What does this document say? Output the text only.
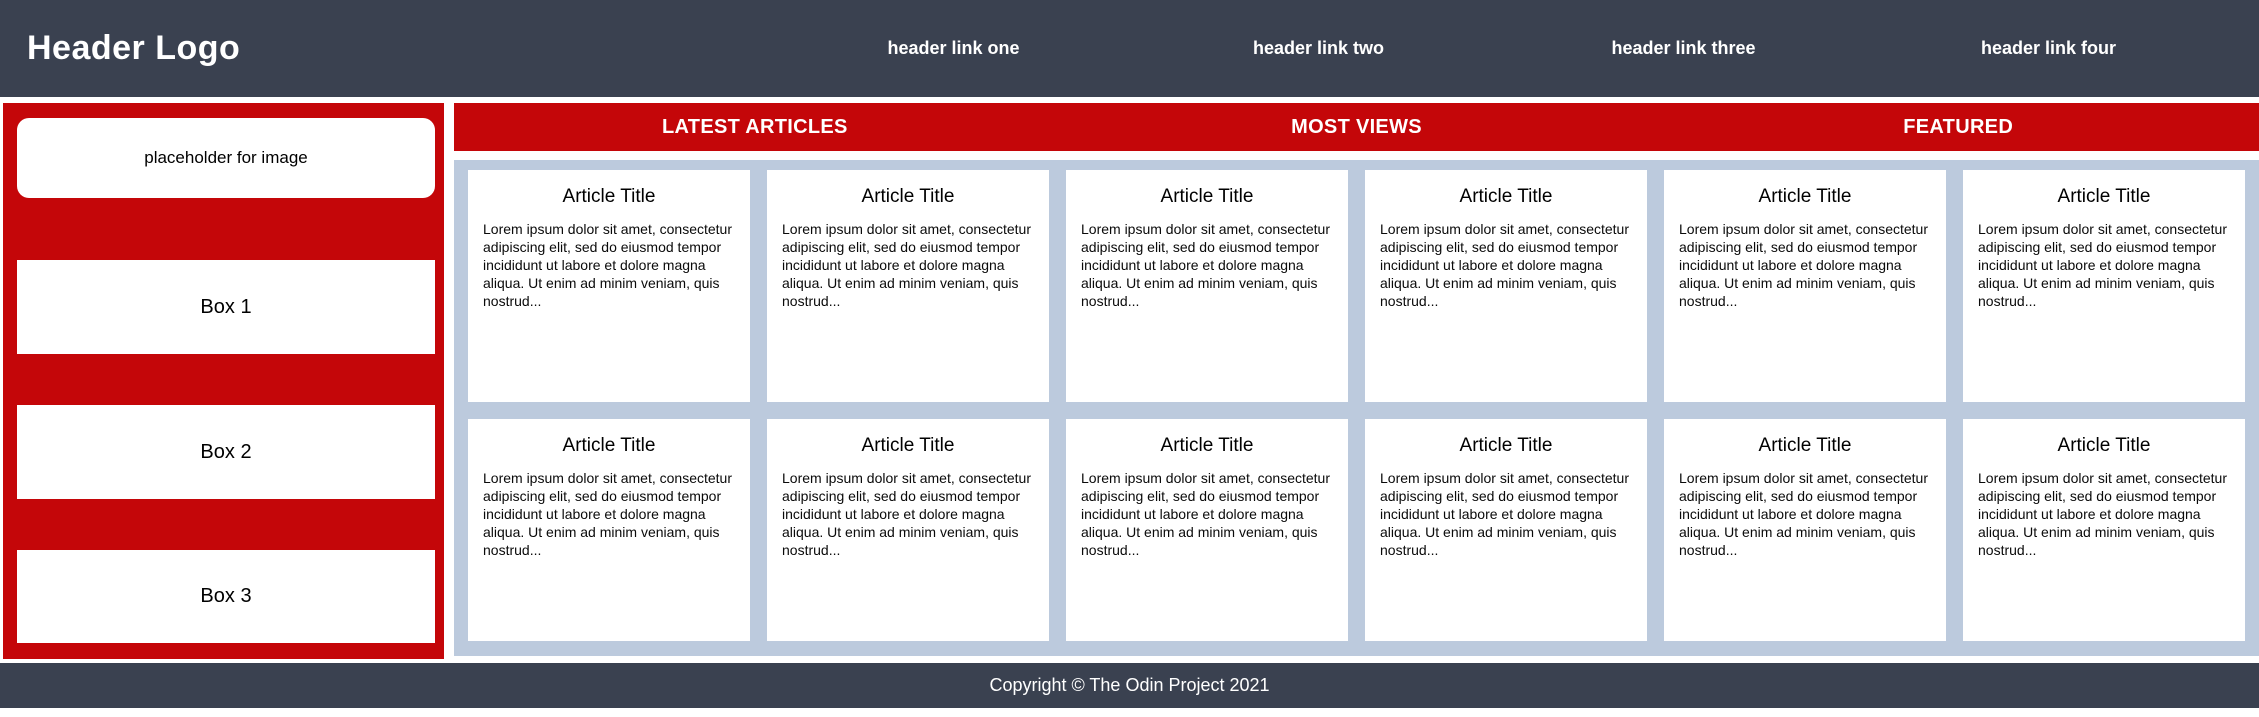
Header Logo	header link one	header link two	header link three	header link four
placeholder for image
Box 1
Box 2
Box 3
LATEST ARTICLES	MOST VIEWS	FEATURED
Article Title

Lorem ipsum dolor sit amet, consectetur adipiscing elit, sed do eiusmod tempor incididunt ut labore et dolore magna aliqua. Ut enim ad minim veniam, quis nostrud...

Article Title

Lorem ipsum dolor sit amet, consectetur adipiscing elit, sed do eiusmod tempor incididunt ut labore et dolore magna aliqua. Ut enim ad minim veniam, quis nostrud...

Article Title

Lorem ipsum dolor sit amet, consectetur adipiscing elit, sed do eiusmod tempor incididunt ut labore et dolore magna aliqua. Ut enim ad minim veniam, quis nostrud...

Article Title

Lorem ipsum dolor sit amet, consectetur adipiscing elit, sed do eiusmod tempor incididunt ut labore et dolore magna aliqua. Ut enim ad minim veniam, quis nostrud...

Article Title

Lorem ipsum dolor sit amet, consectetur adipiscing elit, sed do eiusmod tempor incididunt ut labore et dolore magna aliqua. Ut enim ad minim veniam, quis nostrud...

Article Title

Lorem ipsum dolor sit amet, consectetur adipiscing elit, sed do eiusmod tempor incididunt ut labore et dolore magna aliqua. Ut enim ad minim veniam, quis nostrud...

Article Title

Lorem ipsum dolor sit amet, consectetur adipiscing elit, sed do eiusmod tempor incididunt ut labore et dolore magna aliqua. Ut enim ad minim veniam, quis nostrud...

Article Title

Lorem ipsum dolor sit amet, consectetur adipiscing elit, sed do eiusmod tempor incididunt ut labore et dolore magna aliqua. Ut enim ad minim veniam, quis nostrud...

Article Title

Lorem ipsum dolor sit amet, consectetur adipiscing elit, sed do eiusmod tempor incididunt ut labore et dolore magna aliqua. Ut enim ad minim veniam, quis nostrud...

Article Title

Lorem ipsum dolor sit amet, consectetur adipiscing elit, sed do eiusmod tempor incididunt ut labore et dolore magna aliqua. Ut enim ad minim veniam, quis nostrud...

Article Title

Lorem ipsum dolor sit amet, consectetur adipiscing elit, sed do eiusmod tempor incididunt ut labore et dolore magna aliqua. Ut enim ad minim veniam, quis nostrud...

Article Title

Lorem ipsum dolor sit amet, consectetur adipiscing elit, sed do eiusmod tempor incididunt ut labore et dolore magna aliqua. Ut enim ad minim veniam, quis nostrud...

Copyright © The Odin Project 2021
